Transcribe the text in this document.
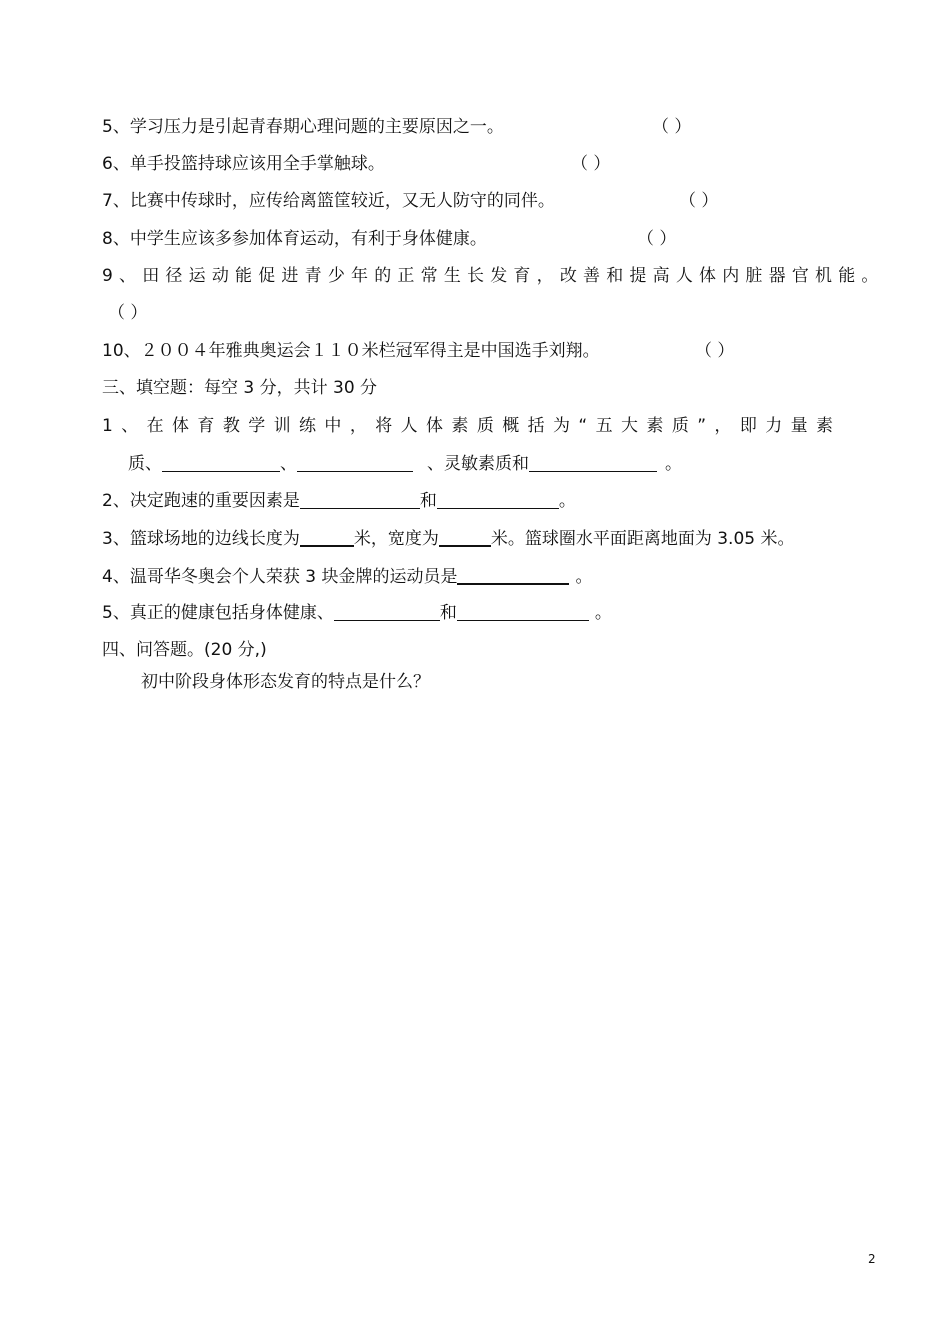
5、学习压力是引起青春期心理问题的主要原因之一。	（ ）
6、单手投篮持球应该用全手掌触球。	（ ）
7、比赛中传球时，应传给离篮筐较近，又无人防守的同伴。	（ ）
8、中学生应该多参加体育运动，有利于身体健康。	（ ）
9、田径运动能促进青少年的正常生长发育，改善和提高人体内脏器官机能。
（ ）
10、２００４年雅典奥运会１１０米栏冠军得主是中国选手刘翔。	（ ）
三、填空题：每空 3 分，共计 30 分
1、在体育教学训练中，将人体素质概括为“五大素质”，即力量素
质、	、	、灵敏素质和	。
2、决定跑速的重要因素是	和	。
3、篮球场地的边线长度为	米，宽度为	米。篮球圈水平面距离地面为 3.05 米。
4、温哥华冬奥会个人荣获 3 块金牌的运动员是	。
5、真正的健康包括身体健康、	和	。
四、问答题。(20 分,)
初中阶段身体形态发育的特点是什么？
2
